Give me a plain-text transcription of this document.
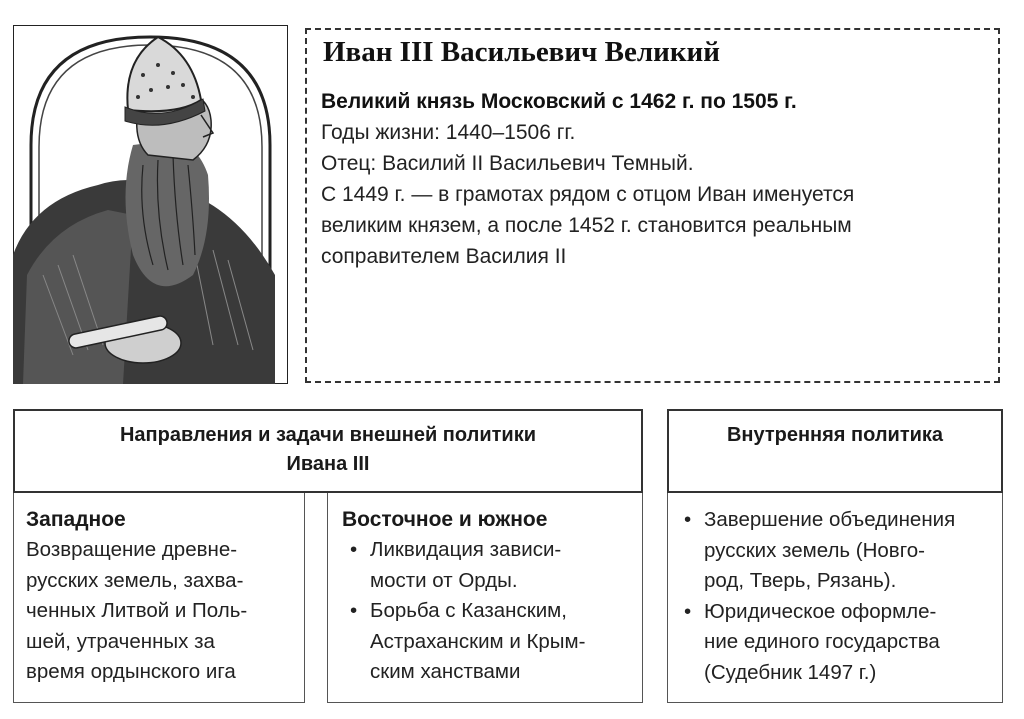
Иван III Васильевич Великий
Великий князь Московский с 1462 г. по 1505 г.
Годы жизни: 1440–1506 гг.
Отец: Василий II Васильевич Темный.
С 1449 г. — в грамотах рядом с отцом Иван именуется
великим князем, а после 1452 г. становится реальным
соправителем Василия II
Направления и задачи внешней политики
Ивана III
Внутренняя политика
Западное
Возвращение древне-
русских земель, захва-
ченных Литвой и Поль-
шей, утраченных за
время ордынского ига
Восточное и южное
• Ликвидация зависи-
мости от Орды.
• Борьба с Казанским,
Астраханским и Крым-
ским ханствами
• Завершение объединения
русских земель (Новго-
род, Тверь, Рязань).
• Юридическое оформле-
ние единого государства
(Судебник 1497 г.)
